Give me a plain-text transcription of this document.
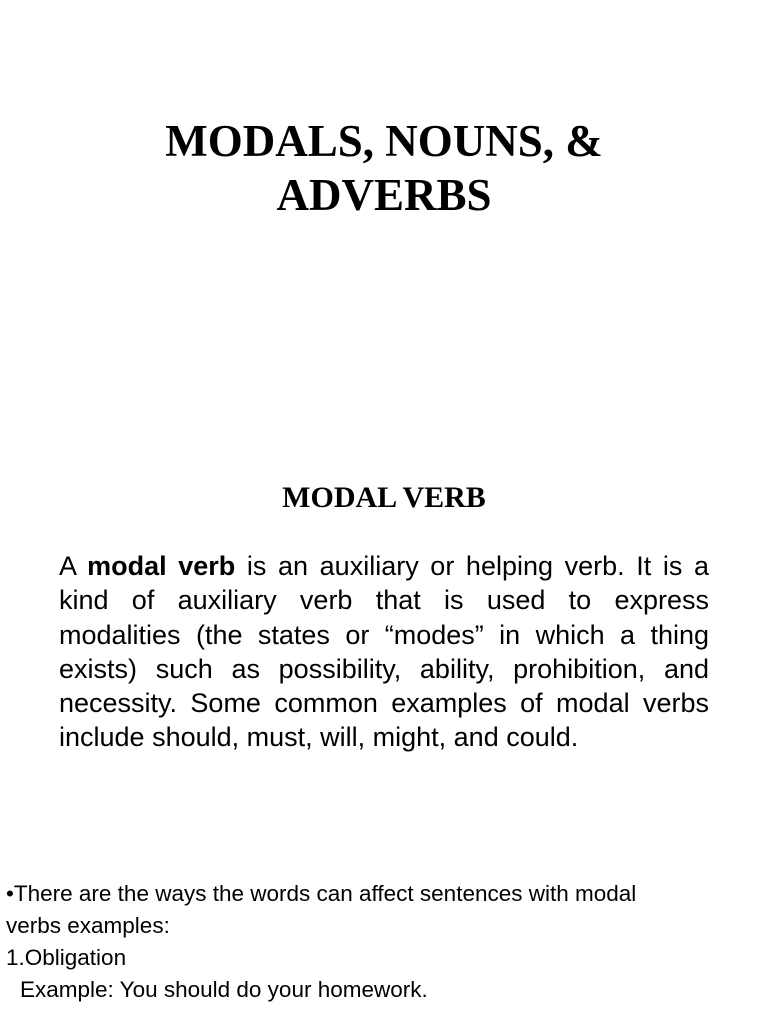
MODALS, NOUNS, &
ADVERBS
MODAL VERB

A modal verb is an auxiliary or helping verb. It is a kind of auxiliary verb that is used to express modalities (the states or “modes” in which a thing exists) such as possibility, ability, prohibition, and necessity. Some common examples of modal verbs include should, must, will, might, and could.

•There are the ways the words can affect sentences with modal
verbs examples:
1.Obligation
Example: You should do your homework.
